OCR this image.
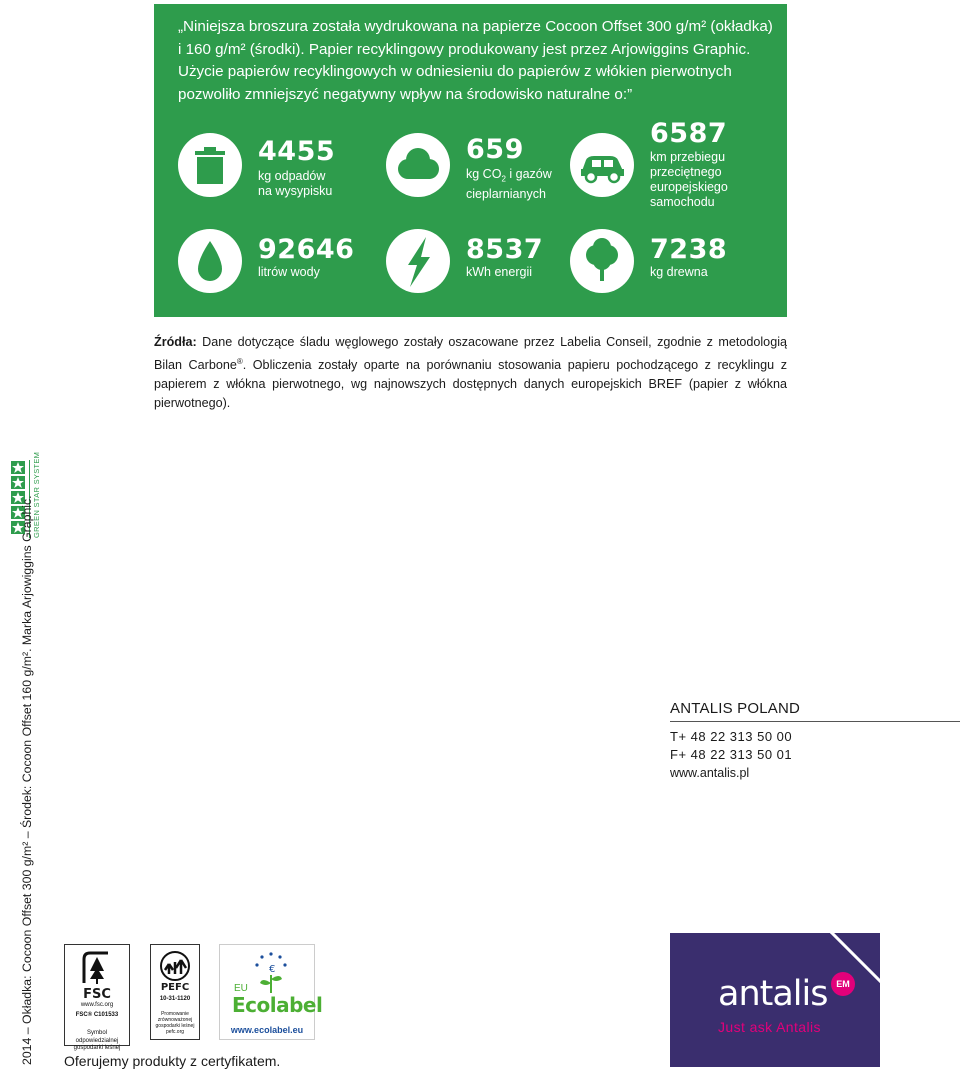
„Niniejsza broszura została wydrukowana na papierze Cocoon Offset 300 g/m² (okładka) i 160 g/m² (środki). Papier recyklingowy produkowany jest przez Arjowiggins Graphic. Użycie papierów recyklingowych w odniesieniu do papierów z włókien pierwotnych pozwoliło zmniejszyć negatywny wpływ na środowisko naturalne o:”
4455
kg odpadów
na wysypisku
659
kg $CO_2$ i gazów
cieplarnianych
6587
km przebiegu
przeciętnego
europejskiego
samochodu
92646
litrów wody
8537
kWh energii
7238
kg drewna
Źródła: Dane dotyczące śladu węglowego zostały oszacowane przez Labelia Conseil, zgodnie z metodologią Bilan Carbone®. Obliczenia zostały oparte na porównaniu stosowania papieru pochodzącego z recyklingu z papierem z włókna pierwotnego, wg najnowszych dostępnych danych europejskich BREF (papier z włókna pierwotnego).
GREEN STAR SYSTEM
2014 – Okładka: Cocoon Offset 300 g/m² – Środek: Cocoon Offset 160 g/m². Marka Arjowiggins Graphic.	ANTALIS POLAND
T+ 48 22 313 50 00
F+ 48 22 313 50 01
www.antalis.pl
antalis EM
Just ask Antalis
FSC
www.fsc.org
FSC® C101533
Symbol odpowiedzialnej gospodarki leśnej
PEFC
10-31-1120
Promowanie zrównoważonej gospodarki leśnej
pefc.org
€
EU
Ecolabel
www.ecolabel.eu
Oferujemy produkty z certyfikatem.
